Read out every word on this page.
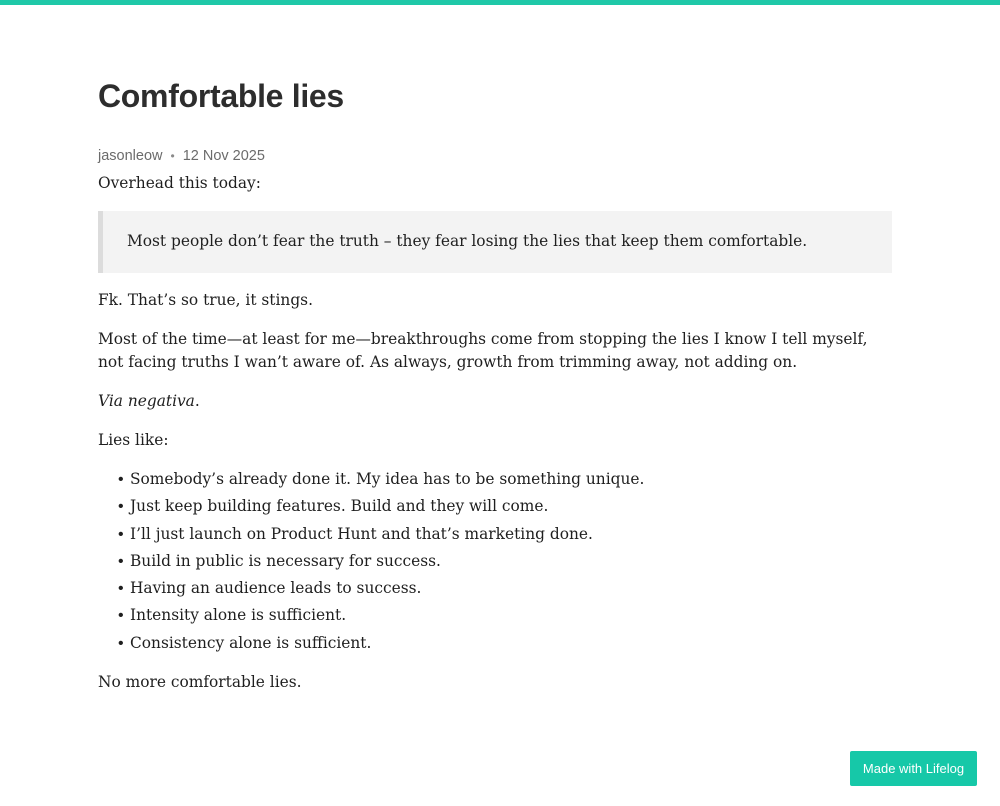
Comfortable lies
jasonleow • 12 Nov 2025

Overhead this today:

Most people don’t fear the truth – they fear losing the lies that keep them comfortable.

Fk. That’s so true, it stings.

Most of the time—at least for me—breakthroughs come from stopping the lies I know I tell myself, not facing truths I wan’t aware of. As always, growth from trimming away, not adding on.

Via negativa.

Lies like:

• Somebody’s already done it. My idea has to be something unique.
• Just keep building features. Build and they will come.
• I’ll just launch on Product Hunt and that’s marketing done.
• Build in public is necessary for success.
• Having an audience leads to success.
• Intensity alone is sufficient.
• Consistency alone is sufficient.

No more comfortable lies.

Made with Lifelog
